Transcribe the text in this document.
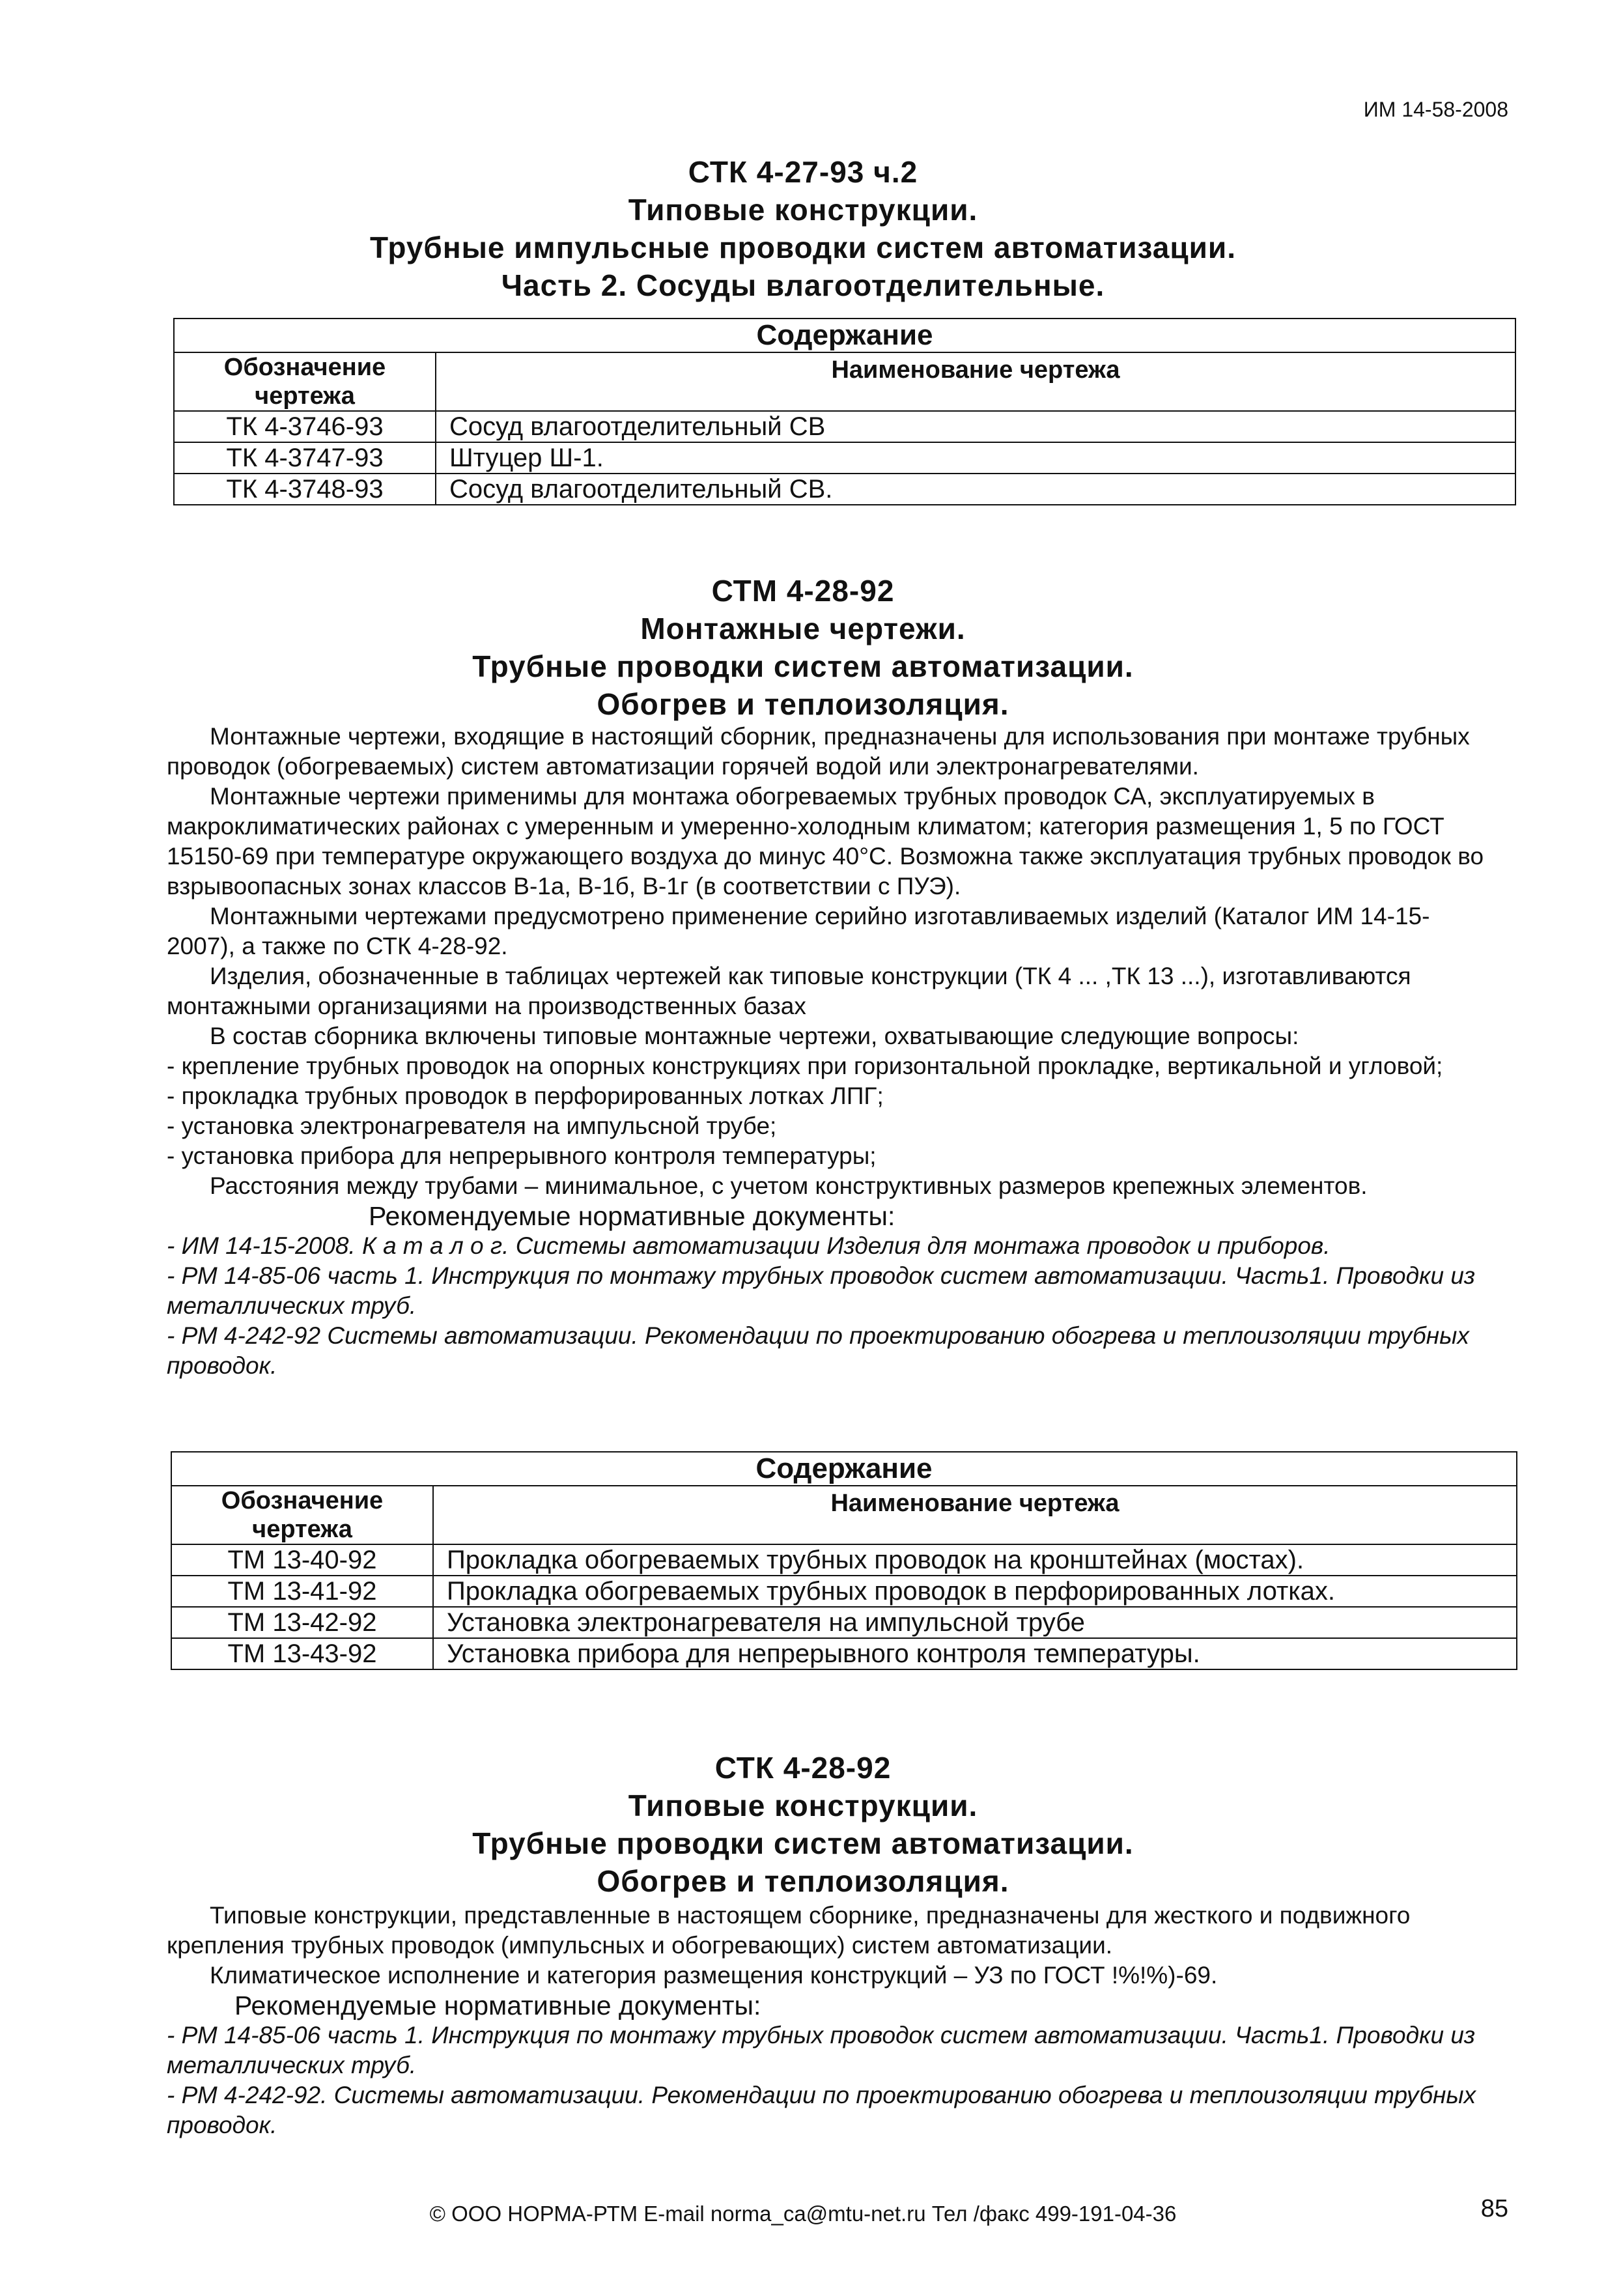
ИМ 14-58-2008
СТК 4-27-93 ч.2
Типовые конструкции.
Трубные импульсные проводки систем автоматизации.
Часть 2. Сосуды влагоотделительные.
Содержание	

Обозначение
чертежа	Наименование чертежа
ТК 4-3746-93	Сосуд влагоотделительный СВ
ТК 4-3747-93	Штуцер Ш-1.
ТК 4-3748-93	Сосуд влагоотделительный СВ.
СТМ 4-28-92
Монтажные чертежи.
Трубные проводки систем автоматизации.
Обогрев и теплоизоляция.

Монтажные чертежи, входящие в настоящий сборник, предназначены для использования при монтаже трубных проводок (обогреваемых) систем автоматизации горячей водой или электронагревателями.

Монтажные чертежи применимы для монтажа обогреваемых трубных проводок СА, эксплуатируемых в макроклиматических районах с умеренным и умеренно-холодным климатом; категория размещения 1, 5 по ГОСТ 15150-69 при температуре окружающего воздуха до минус 40°С. Возможна также эксплуатация трубных проводок во взрывоопасных зонах классов В-1а, В-1б, В-1г (в соответствии с ПУЭ).

Монтажными чертежами предусмотрено применение серийно изготавливаемых изделий (Каталог ИМ 14-15-2007), а также по СТК 4-28-92.

Изделия, обозначенные в таблицах чертежей как типовые конструкции (ТК 4 ... ,ТК 13 ...), изготавливаются монтажными организациями на производственных базах

В состав сборника включены типовые монтажные чертежи, охватывающие следующие вопросы:

- крепление трубных проводок на опорных конструкциях при горизонтальной прокладке, вертикальной и угловой;

- прокладка трубных проводок в перфорированных лотках ЛПГ;

- установка электронагревателя на импульсной трубе;

- установка прибора для непрерывного контроля температуры;

Расстояния между трубами – минимальное, с учетом конструктивных размеров крепежных элементов.

Рекомендуемые нормативные документы:

- ИМ 14-15-2008. К а т а л о г. Системы автоматизации Изделия для монтажа проводок и приборов.

- РМ 14-85-06 часть 1. Инструкция по монтажу трубных проводок систем автоматизации. Часть1. Проводки из металлических труб.

- РМ 4-242-92 Системы автоматизации. Рекомендации по проектированию обогрева и теплоизоляции трубных проводок.

Содержание	

Обозначение
чертежа	Наименование чертежа
ТМ 13-40-92	Прокладка обогреваемых трубных проводок на кронштейнах (мостах).
ТМ 13-41-92	Прокладка обогреваемых трубных проводок в перфорированных лотках.
ТМ 13-42-92	Установка электронагревателя на импульсной трубе
ТМ 13-43-92	Установка прибора для непрерывного контроля температуры.
СТК 4-28-92
Типовые конструкции.
Трубные проводки систем автоматизации.
Обогрев и теплоизоляция.

Типовые конструкции, представленные в настоящем сборнике, предназначены для жесткого и подвижного крепления трубных проводок (импульсных и обогревающих) систем автоматизации.

Климатическое исполнение и категория размещения конструкций – УЗ по ГОСТ !%!%)-69.

Рекомендуемые нормативные документы:

- РМ 14-85-06 часть 1. Инструкция по монтажу трубных проводок систем автоматизации. Часть1. Проводки из металлических труб.

- РМ 4-242-92. Системы автоматизации. Рекомендации по проектированию обогрева и теплоизоляции трубных проводок.

© ООО НОРМА-РТМ E-mail norma_ca@mtu-net.ru Тел /факс 499-191-04-36	85
